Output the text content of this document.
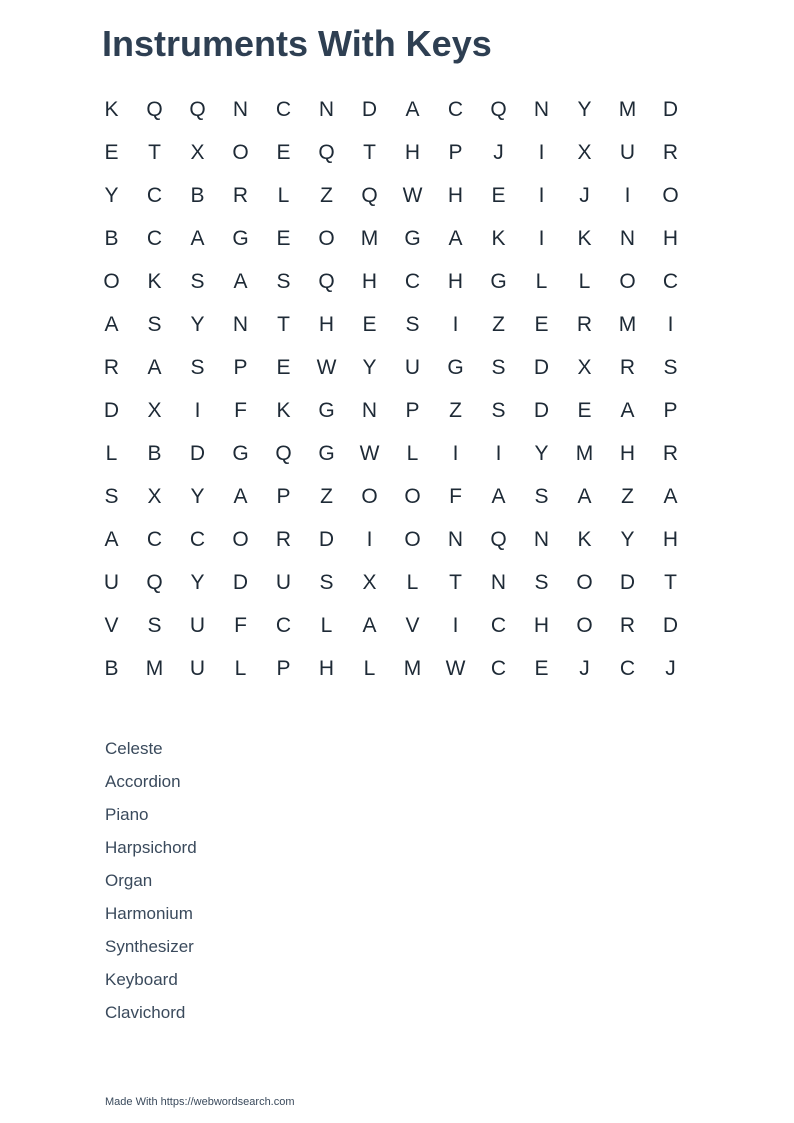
Instruments With Keys
K	Q	Q	N	C	N	D	A	C	Q	N	Y	M	D
E	T	X	O	E	Q	T	H	P	J	I	X	U	R
Y	C	B	R	L	Z	Q	W	H	E	I	J	I	O
B	C	A	G	E	O	M	G	A	K	I	K	N	H
O	K	S	A	S	Q	H	C	H	G	L	L	O	C
A	S	Y	N	T	H	E	S	I	Z	E	R	M	I
R	A	S	P	E	W	Y	U	G	S	D	X	R	S
D	X	I	F	K	G	N	P	Z	S	D	E	A	P
L	B	D	G	Q	G	W	L	I	I	Y	M	H	R
S	X	Y	A	P	Z	O	O	F	A	S	A	Z	A
A	C	C	O	R	D	I	O	N	Q	N	K	Y	H
U	Q	Y	D	U	S	X	L	T	N	S	O	D	T
V	S	U	F	C	L	A	V	I	C	H	O	R	D
B	M	U	L	P	H	L	M	W	C	E	J	C	J
Celeste
Accordion
Piano
Harpsichord
Organ
Harmonium
Synthesizer
Keyboard
Clavichord
Made With https://webwordsearch.com
